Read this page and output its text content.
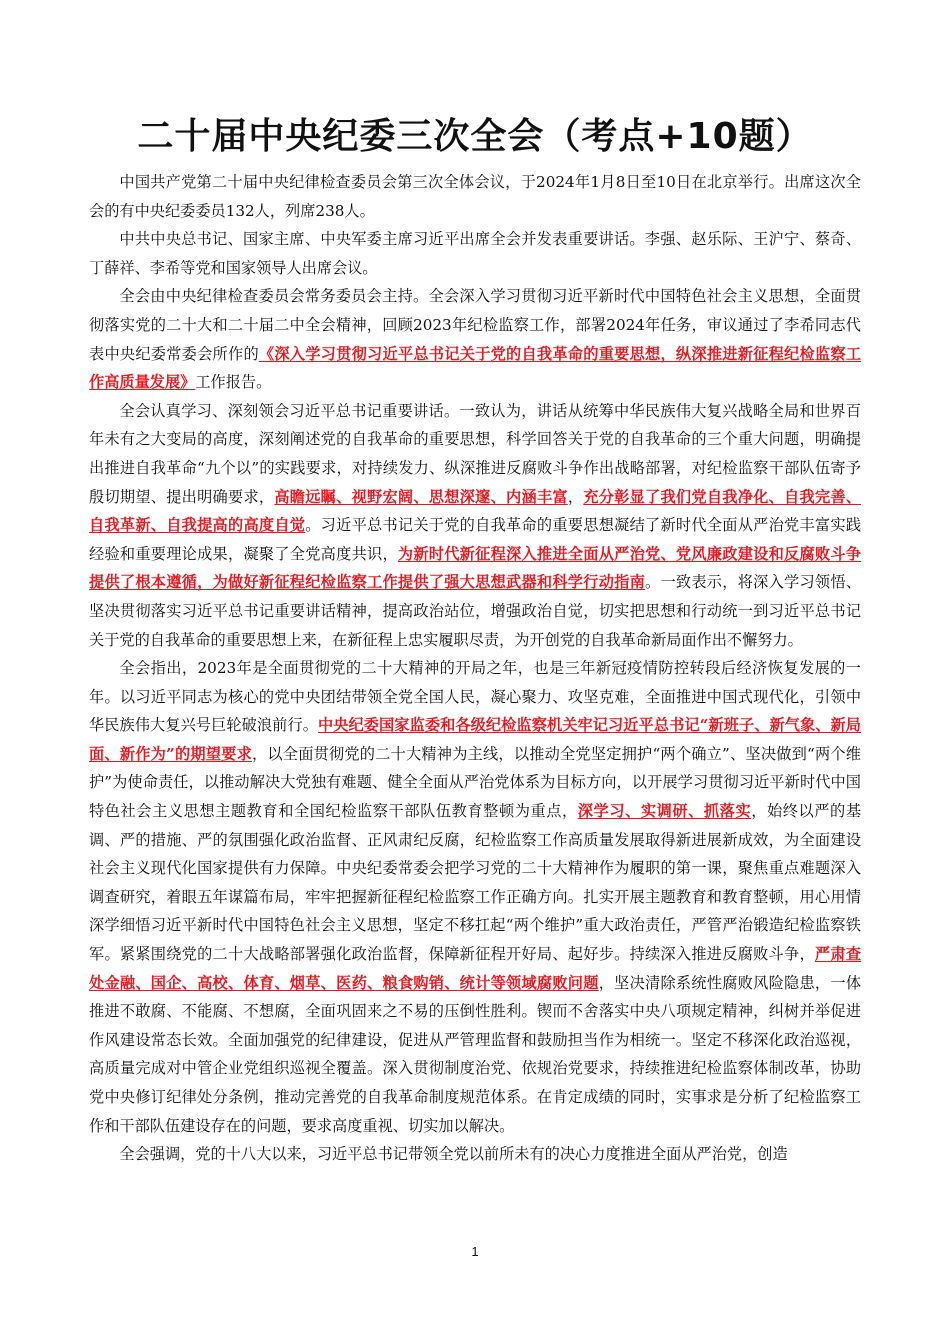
二十届中央纪委三次全会（考点+10题）

中国共产党第二十届中央纪律检查委员会第三次全体会议，于2024年1月8日至10日在北京举行。出席这次全会的有中央纪委委员132人，列席238人。

中共中央总书记、国家主席、中央军委主席习近平出席全会并发表重要讲话。李强、赵乐际、王沪宁、蔡奇、丁薛祥、李希等党和国家领导人出席会议。

全会由中央纪律检查委员会常务委员会主持。全会深入学习贯彻习近平新时代中国特色社会主义思想，全面贯彻落实党的二十大和二十届二中全会精神，回顾2023年纪检监察工作，部署2024年任务，审议通过了李希同志代表中央纪委常委会所作的《深入学习贯彻习近平总书记关于党的自我革命的重要思想，纵深推进新征程纪检监察工作高质量发展》工作报告。

全会认真学习、深刻领会习近平总书记重要讲话。一致认为，讲话从统筹中华民族伟大复兴战略全局和世界百年未有之大变局的高度，深刻阐述党的自我革命的重要思想，科学回答关于党的自我革命的三个重大问题，明确提出推进自我革命“九个以”的实践要求，对持续发力、纵深推进反腐败斗争作出战略部署，对纪检监察干部队伍寄予殷切期望、提出明确要求，高瞻远瞩、视野宏阔、思想深邃、内涵丰富，充分彰显了我们党自我净化、自我完善、自我革新、自我提高的高度自觉。习近平总书记关于党的自我革命的重要思想凝结了新时代全面从严治党丰富实践经验和重要理论成果，凝聚了全党高度共识，为新时代新征程深入推进全面从严治党、党风廉政建设和反腐败斗争提供了根本遵循，为做好新征程纪检监察工作提供了强大思想武器和科学行动指南。一致表示，将深入学习领悟、坚决贯彻落实习近平总书记重要讲话精神，提高政治站位，增强政治自觉，切实把思想和行动统一到习近平总书记关于党的自我革命的重要思想上来，在新征程上忠实履职尽责，为开创党的自我革命新局面作出不懈努力。

全会指出，2023年是全面贯彻党的二十大精神的开局之年，也是三年新冠疫情防控转段后经济恢复发展的一年。以习近平同志为核心的党中央团结带领全党全国人民，凝心聚力、攻坚克难，全面推进中国式现代化，引领中华民族伟大复兴号巨轮破浪前行。中央纪委国家监委和各级纪检监察机关牢记习近平总书记“新班子、新气象、新局面、新作为”的期望要求，以全面贯彻党的二十大精神为主线，以推动全党坚定拥护“两个确立”、坚决做到“两个维护”为使命责任，以推动解决大党独有难题、健全全面从严治党体系为目标方向，以开展学习贯彻习近平新时代中国特色社会主义思想主题教育和全国纪检监察干部队伍教育整顿为重点，深学习、实调研、抓落实，始终以严的基调、严的措施、严的氛围强化政治监督、正风肃纪反腐，纪检监察工作高质量发展取得新进展新成效，为全面建设社会主义现代化国家提供有力保障。中央纪委常委会把学习党的二十大精神作为履职的第一课，聚焦重点难题深入调查研究，着眼五年谋篇布局，牢牢把握新征程纪检监察工作正确方向。扎实开展主题教育和教育整顿，用心用情深学细悟习近平新时代中国特色社会主义思想，坚定不移扛起“两个维护”重大政治责任，严管严治锻造纪检监察铁军。紧紧围绕党的二十大战略部署强化政治监督，保障新征程开好局、起好步。持续深入推进反腐败斗争，严肃查处金融、国企、高校、体育、烟草、医药、粮食购销、统计等领域腐败问题，坚决清除系统性腐败风险隐患，一体推进不敢腐、不能腐、不想腐，全面巩固来之不易的压倒性胜利。锲而不舍落实中央八项规定精神，纠树并举促进作风建设常态长效。全面加强党的纪律建设，促进从严管理监督和鼓励担当作为相统一。坚定不移深化政治巡视，高质量完成对中管企业党组织巡视全覆盖。深入贯彻制度治党、依规治党要求，持续推进纪检监察体制改革，协助党中央修订纪律处分条例，推动完善党的自我革命制度规范体系。在肯定成绩的同时，实事求是分析了纪检监察工作和干部队伍建设存在的问题，要求高度重视、切实加以解决。

全会强调，党的十八大以来，习近平总书记带领全党以前所未有的决心力度推进全面从严治党，创造

1
